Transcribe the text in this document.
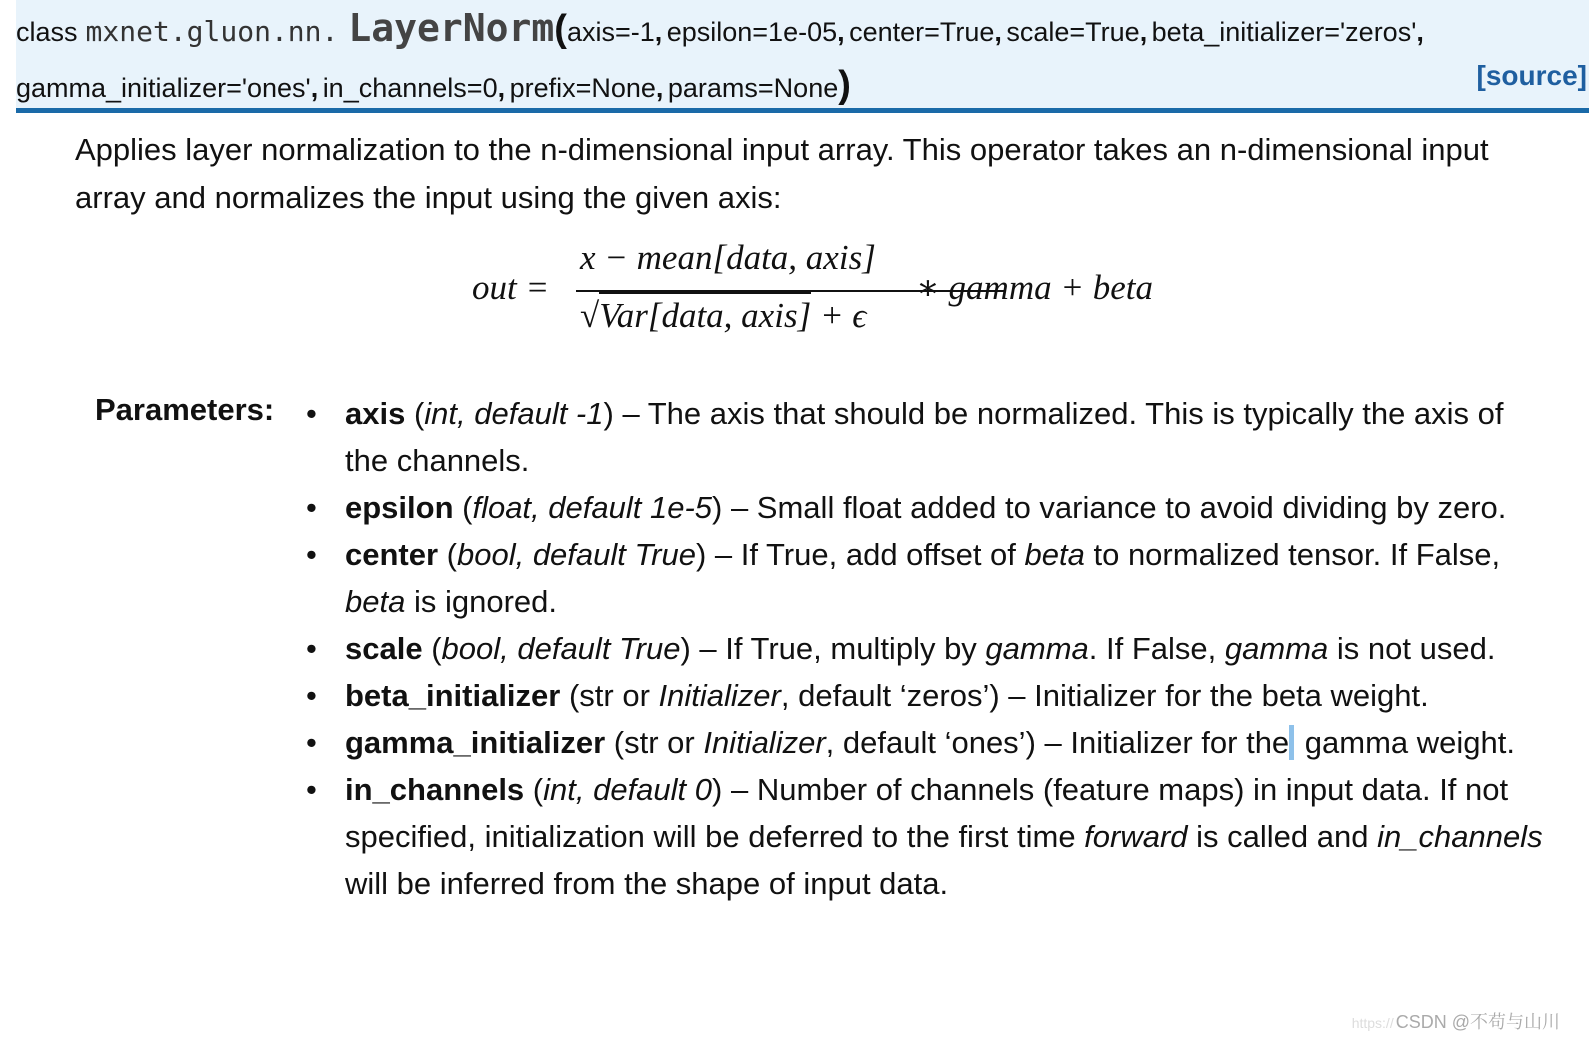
class mxnet.gluon.nn. LayerNorm(axis=-1, epsilon=1e-05, center=True, scale=True, beta_initializer='zeros',
gamma_initializer='ones', in_channels=0, prefix=None, params=None)	[source]
Applies layer normalization to the n-dimensional input array. This operator takes an n-dimensional input array and normalizes the input using the given axis:
out =
x − mean[data, axis]
√Var[data, axis] + ϵ
∗ gamma + beta
Parameters: • axis (int, default -1) – The axis that should be normalized. This is typically the axis of the channels.
• epsilon (float, default 1e-5) – Small float added to variance to avoid dividing by zero.
• center (bool, default True) – If True, add offset of beta to normalized tensor. If False, beta is ignored.
• scale (bool, default True) – If True, multiply by gamma. If False, gamma is not used.
• beta_initializer (str or Initializer, default ‘zeros’) – Initializer for the beta weight.
• gamma_initializer (str or Initializer, default ‘ones’) – Initializer for the gamma weight.
• in_channels (int, default 0) – Number of channels (feature maps) in input data. If not specified, initialization will be deferred to the first time forward is called and in_channels will be inferred from the shape of input data.
https:// CSDN @不苟与山川
